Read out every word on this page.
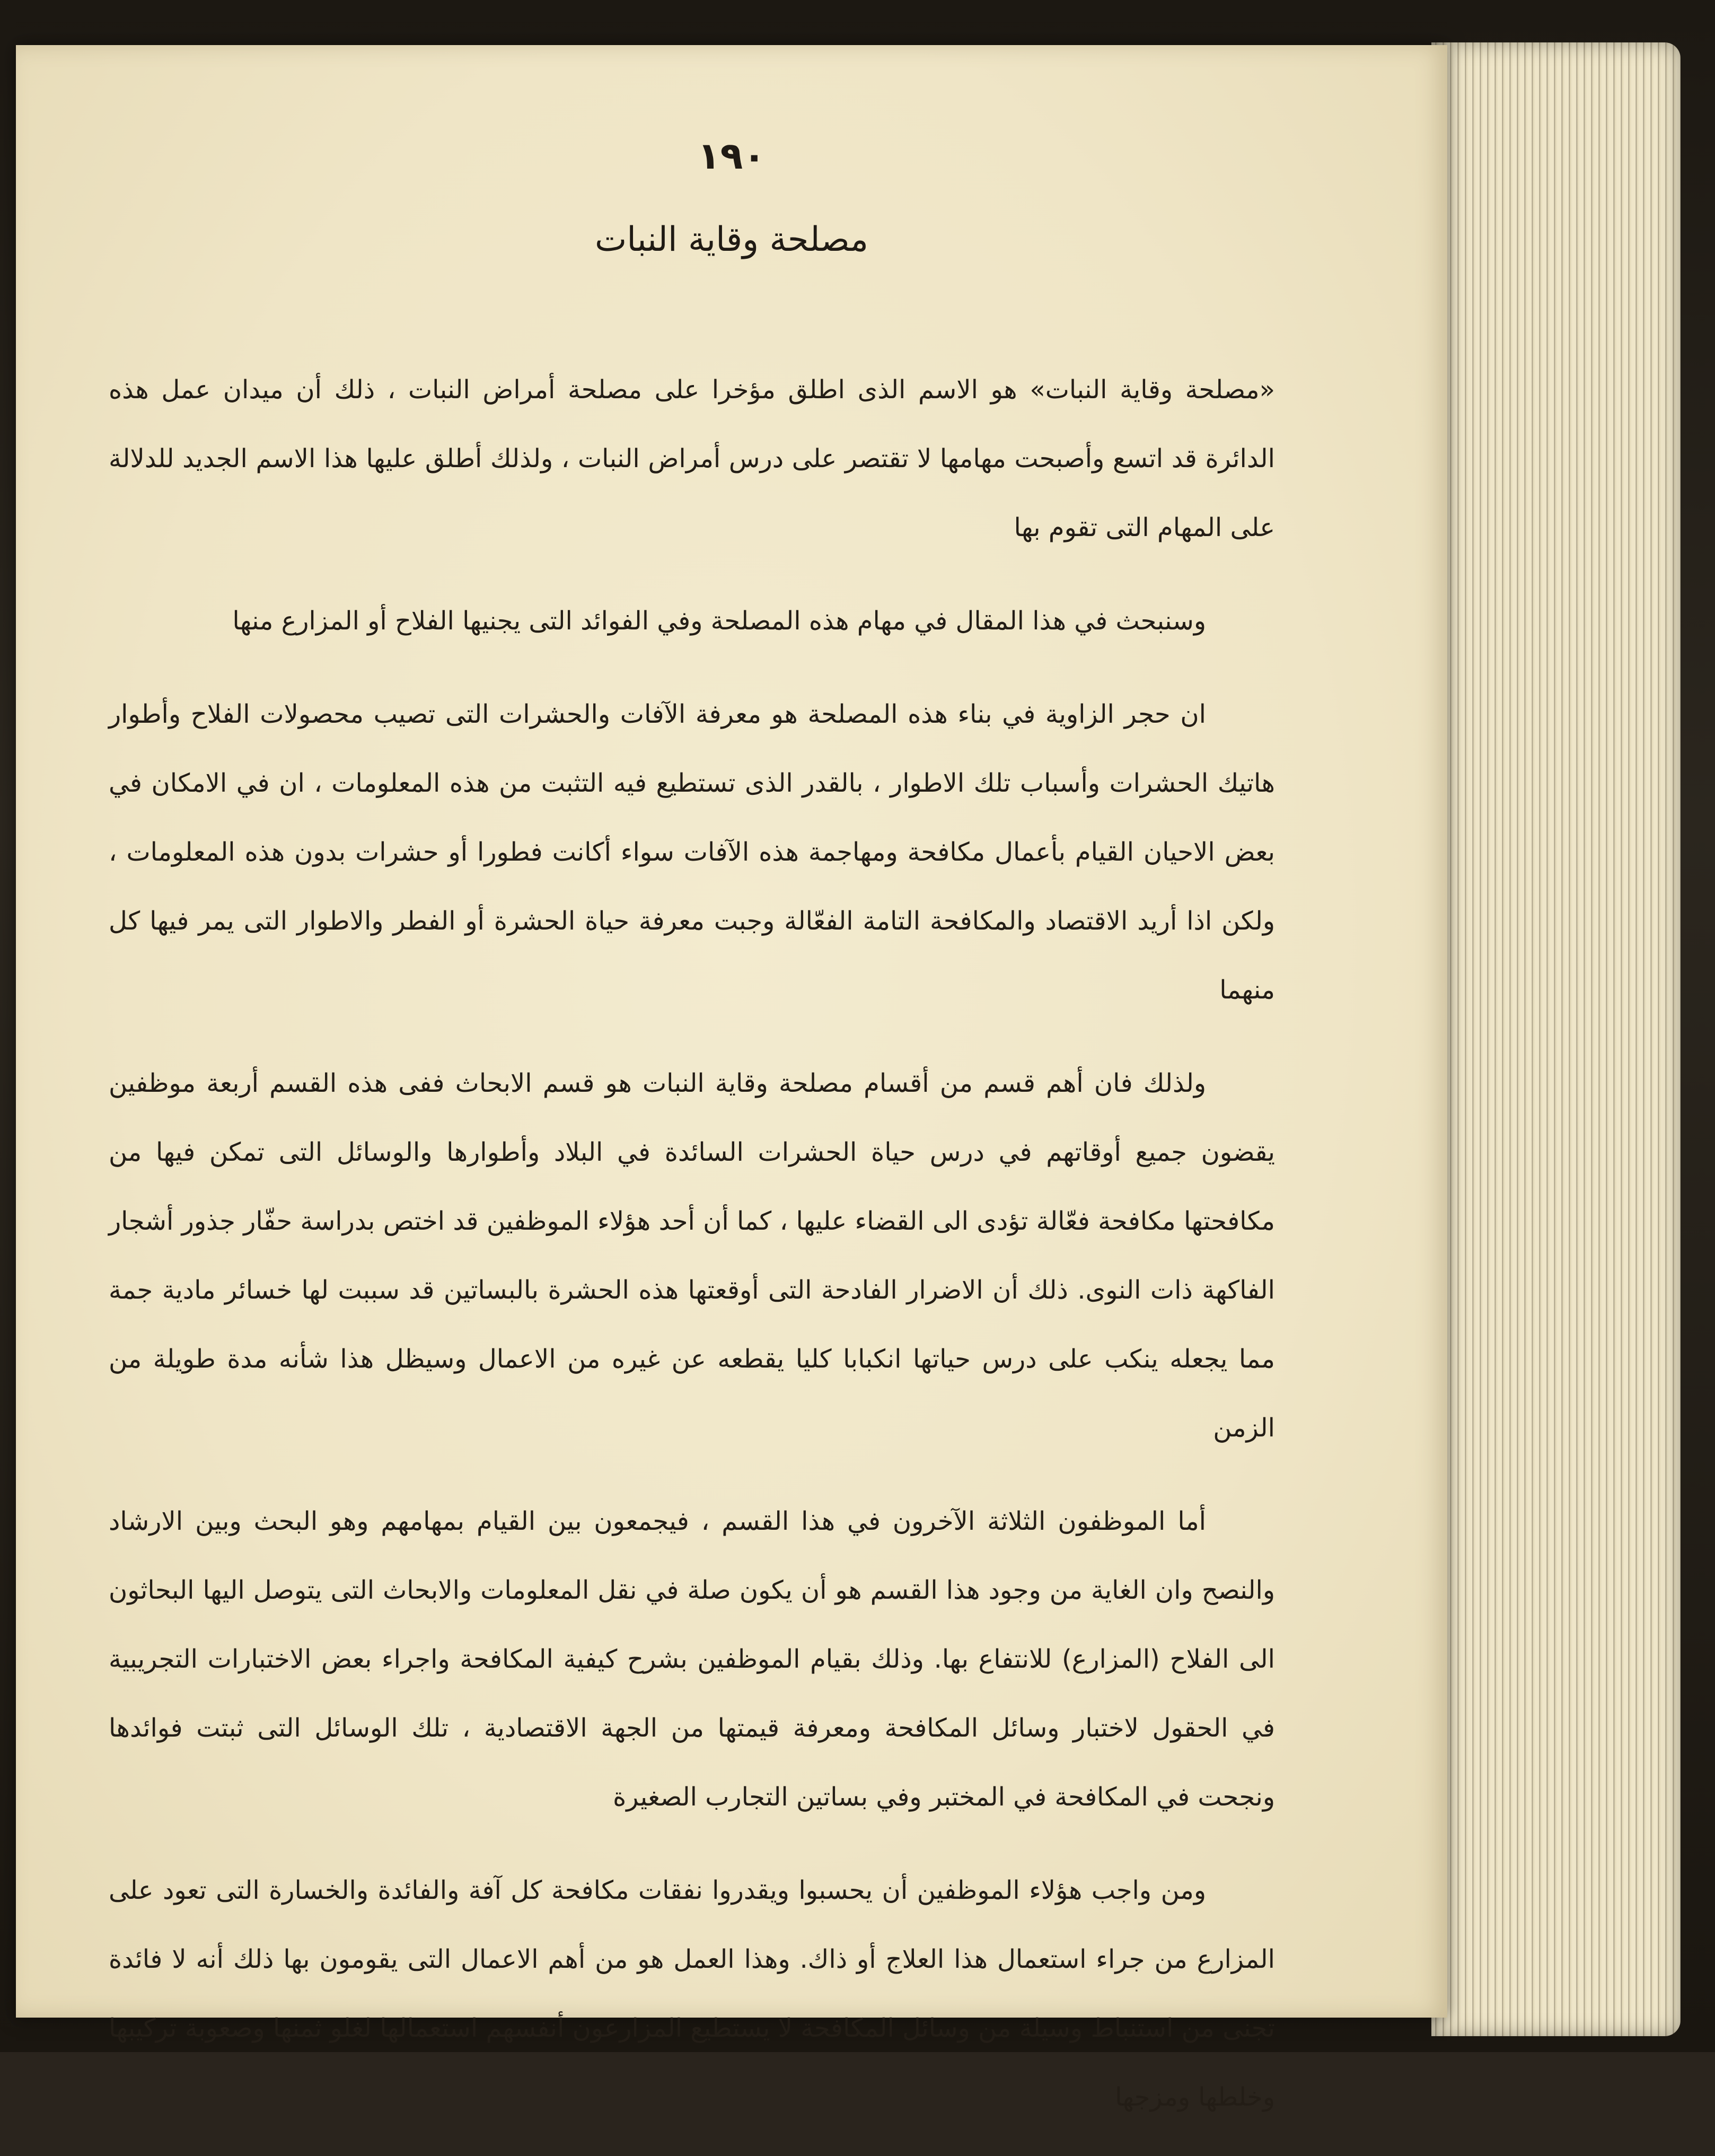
١٩٠
مصلحة وقاية النبات

«مصلحة وقاية النبات» هو الاسم الذى اطلق مؤخرا على مصلحة أمراض النبات ، ذلك أن ميدان عمل هذه الدائرة قد اتسع وأصبحت مهامها لا تقتصر على درس أمراض النبات ، ولذلك أطلق عليها هذا الاسم الجديد للدلالة على المهام التى تقوم بها

وسنبحث في هذا المقال في مهام هذه المصلحة وفي الفوائد التى يجنيها الفلاح أو المزارع منها

ان حجر الزاوية في بناء هذه المصلحة هو معرفة الآفات والحشرات التى تصيب محصولات الفلاح وأطوار هاتيك الحشرات وأسباب تلك الاطوار ، بالقدر الذى تستطيع فيه التثبت من هذه المعلومات ، ان في الامكان في بعض الاحيان القيام بأعمال مكافحة ومهاجمة هذه الآفات سواء أكانت فطورا أو حشرات بدون هذه المعلومات ، ولكن اذا أريد الاقتصاد والمكافحة التامة الفعّالة وجبت معرفة حياة الحشرة أو الفطر والاطوار التى يمر فيها كل منهما

ولذلك فان أهم قسم من أقسام مصلحة وقاية النبات هو قسم الابحاث ففى هذه القسم أربعة موظفين يقضون جميع أوقاتهم في درس حياة الحشرات السائدة في البلاد وأطوارها والوسائل التى تمكن فيها من مكافحتها مكافحة فعّالة تؤدى الى القضاء عليها ، كما أن أحد هؤلاء الموظفين قد اختص بدراسة حفّار جذور أشجار الفاكهة ذات النوى. ذلك أن الاضرار الفادحة التى أوقعتها هذه الحشرة بالبساتين قد سببت لها خسائر مادية جمة مما يجعله ينكب على درس حياتها انكبابا كليا يقطعه عن غيره من الاعمال وسيظل هذا شأنه مدة طويلة من الزمن

أما الموظفون الثلاثة الآخرون في هذا القسم ، فيجمعون بين القيام بمهامهم وهو البحث وبين الارشاد والنصح وان الغاية من وجود هذا القسم هو أن يكون صلة في نقل المعلومات والابحاث التى يتوصل اليها البحاثون الى الفلاح (المزارع) للانتفاع بها. وذلك بقيام الموظفين بشرح كيفية المكافحة واجراء بعض الاختبارات التجريبية في الحقول لاختبار وسائل المكافحة ومعرفة قيمتها من الجهة الاقتصادية ، تلك الوسائل التى ثبتت فوائدها ونجحت في المكافحة في المختبر وفي بساتين التجارب الصغيرة

ومن واجب هؤلاء الموظفين أن يحسبوا ويقدروا نفقات مكافحة كل آفة والفائدة والخسارة التى تعود على المزارع من جراء استعمال هذا العلاج أو ذاك. وهذا العمل هو من أهم الاعمال التى يقومون بها ذلك أنه لا فائدة تجنى من استنباط وسيلة من وسائل المكافحة لا يستطيع المزارعون أنفسهم استعمالها لغلو ثمنها وصعوبة تركيبها وخلطها ومزجها
